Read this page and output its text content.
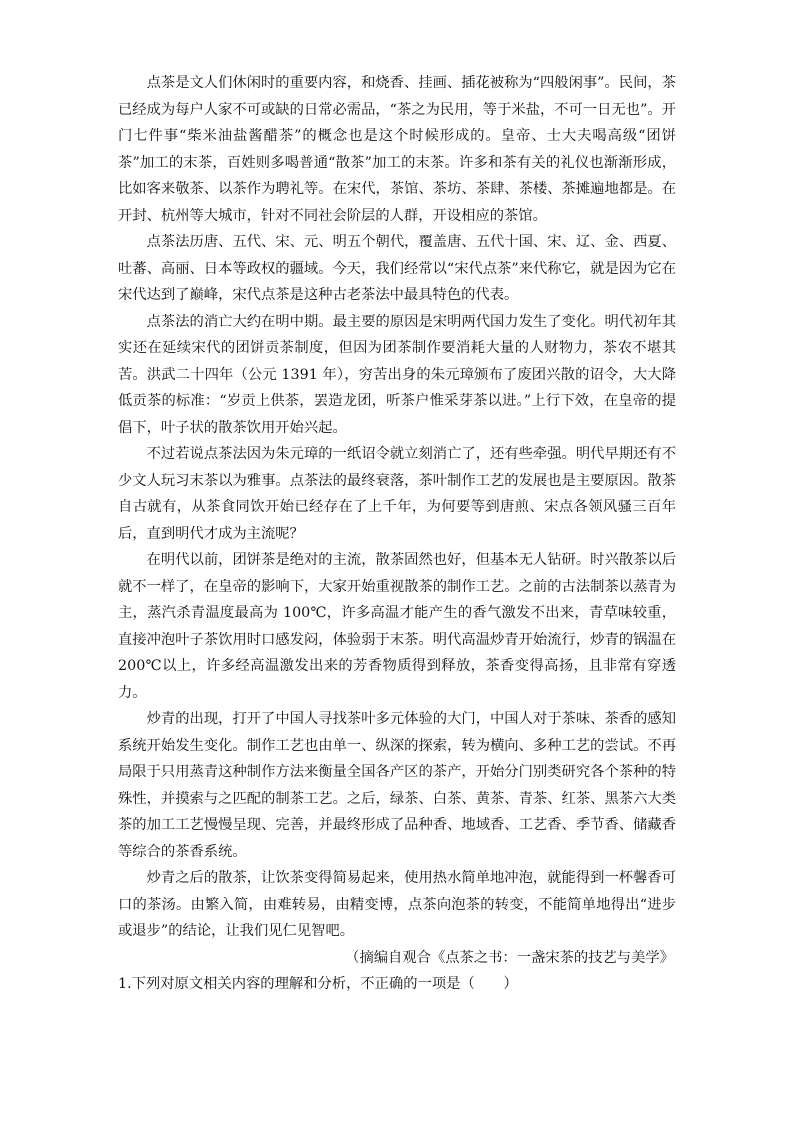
点茶是文人们休闲时的重要内容，和烧香、挂画、插花被称为“四般闲事”。民间，茶已经成为每户人家不可或缺的日常必需品，“茶之为民用，等于米盐，不可一日无也”。开门七件事“柴米油盐酱醋茶”的概念也是这个时候形成的。皇帝、士大夫喝高级“团饼茶”加工的末茶，百姓则多喝普通“散茶”加工的末茶。许多和茶有关的礼仪也渐渐形成，比如客来敬茶、以茶作为聘礼等。在宋代，茶馆、茶坊、茶肆、茶楼、茶摊遍地都是。在开封、杭州等大城市，针对不同社会阶层的人群，开设相应的茶馆。

点茶法历唐、五代、宋、元、明五个朝代，覆盖唐、五代十国、宋、辽、金、西夏、吐蕃、高丽、日本等政权的疆域。今天，我们经常以“宋代点茶”来代称它，就是因为它在宋代达到了巅峰，宋代点茶是这种古老茶法中最具特色的代表。

点茶法的消亡大约在明中期。最主要的原因是宋明两代国力发生了变化。明代初年其实还在延续宋代的团饼贡茶制度，但因为团茶制作要消耗大量的人财物力，茶农不堪其苦。洪武二十四年（公元 1391 年），穷苦出身的朱元璋颁布了废团兴散的诏令，大大降低贡茶的标准：“岁贡上供茶，罢造龙团，听茶户惟采芽茶以进。”上行下效，在皇帝的提倡下，叶子状的散茶饮用开始兴起。

不过若说点茶法因为朱元璋的一纸诏令就立刻消亡了，还有些牵强。明代早期还有不少文人玩习末茶以为雅事。点茶法的最终衰落，茶叶制作工艺的发展也是主要原因。散茶自古就有，从茶食同饮开始已经存在了上千年，为何要等到唐煎、宋点各领风骚三百年后，直到明代才成为主流呢？

在明代以前，团饼茶是绝对的主流，散茶固然也好，但基本无人钻研。时兴散茶以后就不一样了，在皇帝的影响下，大家开始重视散茶的制作工艺。之前的古法制茶以蒸青为主，蒸汽杀青温度最高为 100℃，许多高温才能产生的香气激发不出来，青草味较重，直接冲泡叶子茶饮用时口感发闷，体验弱于末茶。明代高温炒青开始流行，炒青的锅温在 200℃以上，许多经高温激发出来的芳香物质得到释放，茶香变得高扬，且非常有穿透力。

炒青的出现，打开了中国人寻找茶叶多元体验的大门，中国人对于茶味、茶香的感知系统开始发生变化。制作工艺也由单一、纵深的探索，转为横向、多种工艺的尝试。不再局限于只用蒸青这种制作方法来衡量全国各产区的茶产，开始分门别类研究各个茶种的特殊性，并摸索与之匹配的制茶工艺。之后，绿茶、白茶、黄茶、青茶、红茶、黑茶六大类茶的加工工艺慢慢呈现、完善，并最终形成了品种香、地域香、工艺香、季节香、储藏香等综合的茶香系统。

炒青之后的散茶，让饮茶变得简易起来，使用热水简单地冲泡，就能得到一杯馨香可口的茶汤。由繁入简，由难转易，由精变博，点茶向泡茶的转变，不能简单地得出“进步或退步”的结论，让我们见仁见智吧。

（摘编自观合《点茶之书：一盏宋茶的技艺与美学》

1.下列对原文相关内容的理解和分析，不正确的一项是（　　）
